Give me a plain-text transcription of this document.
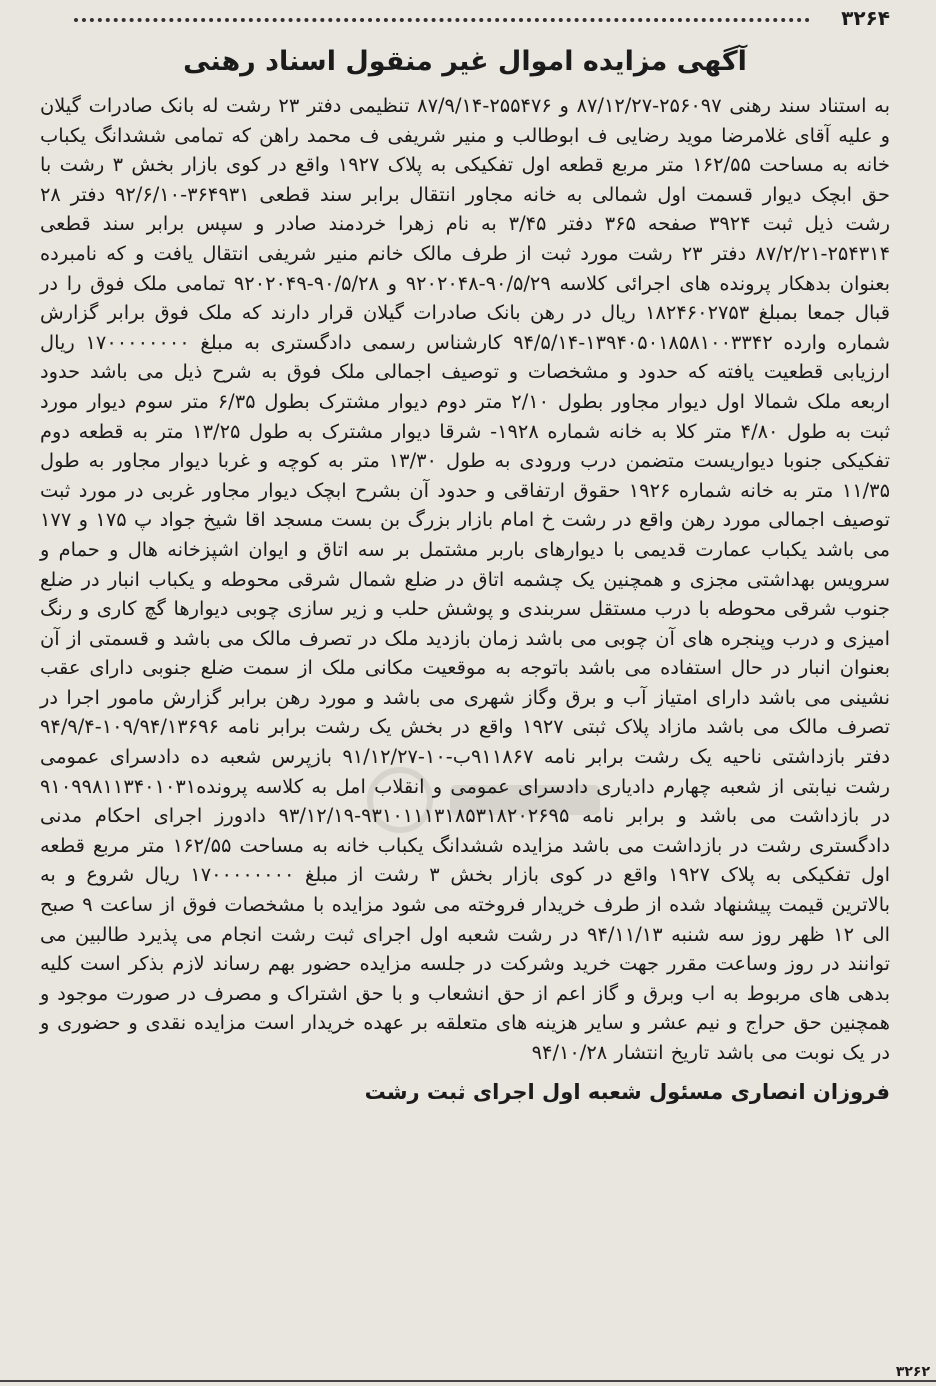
۳۲۶۴
آگهی مزایده اموال غیر منقول اسناد رهنی

به استناد سند رهنی ۲۵۶۰۹۷-۸۷/۱۲/۲۷ و ۲۵۵۴۷۶-۸۷/۹/۱۴ تنظیمی دفتر ۲۳ رشت له بانک صادرات گیلان و علیه آقای غلامرضا موید رضایی ف ابوطالب و منیر شریفی ف محمد راهن که تمامی ششدانگ یکباب خانه به مساحت ۱۶۲/۵۵ متر مربع قطعه اول تفکیکی به پلاک ۱۹۲۷ واقع در کوی بازار بخش ۳ رشت با حق ابچک دیوار قسمت اول شمالی به خانه مجاور انتقال برابر سند قطعی ۳۶۴۹۳۱-۹۲/۶/۱۰ دفتر ۲۸ رشت ذیل ثبت ۳۹۲۴ صفحه ۳۶۵ دفتر ۳/۴۵ به نام زهرا خردمند صادر و سپس برابر سند قطعی ۲۵۴۳۱۴-۸۷/۲/۲۱ دفتر ۲۳ رشت مورد ثبت از طرف مالک خانم منیر شریفی انتقال یافت و که نامبرده بعنوان بدهکار پرونده های اجرائی کلاسه ۹۰/۵/۲۹-۹۲۰۲۰۴۸ و ۹۰/۵/۲۸-۹۲۰۲۰۴۹ تمامی ملک فوق را در قبال جمعا بمبلغ ۱۸۲۴۶۰۲۷۵۳ ریال در رهن بانک صادرات گیلان قرار دارند که ملک فوق برابر گزارش شماره وارده ۱۳۹۴۰۵۰۱۸۵۸۱۰۰۳۳۴۲-۹۴/۵/۱۴ کارشناس رسمی دادگستری به مبلغ ۱۷۰۰۰۰۰۰۰۰ ریال ارزیابی قطعیت یافته که حدود و مشخصات و توصیف اجمالی ملک فوق به شرح ذیل می باشد حدود اربعه ملک شمالا اول دیوار مجاور بطول ۲/۱۰ متر دوم دیوار مشترک بطول ۶/۳۵ متر سوم دیوار مورد ثبت به طول ۴/۸۰ متر کلا به خانه شماره ۱۹۲۸- شرقا دیوار مشترک به طول ۱۳/۲۵ متر به قطعه دوم تفکیکی جنوبا دیواریست متضمن درب ورودی به طول ۱۳/۳۰ متر به کوچه و غربا دیوار مجاور به طول ۱۱/۳۵ متر به خانه شماره ۱۹۲۶ حقوق ارتفاقی و حدود آن بشرح ابچک دیوار مجاور غربی در مورد ثبت توصیف اجمالی مورد رهن واقع در رشت خ امام بازار بزرگ بن بست مسجد اقا شیخ جواد پ ۱۷۵ و ۱۷۷ می باشد یکباب عمارت قدیمی با دیوارهای باربر مشتمل بر سه اتاق و ایوان اشپزخانه هال و حمام و سرویس بهداشتی مجزی و همچنین یک چشمه اتاق در ضلع شمال شرقی محوطه و یکباب انبار در ضلع جنوب شرقی محوطه با درب مستقل سربندی و پوشش حلب و زیر سازی چوبی دیوارها گچ کاری و رنگ امیزی و درب وپنجره های آن چوبی می باشد زمان بازدید ملک در تصرف مالک می باشد و قسمتی از آن بعنوان انبار در حال استفاده می باشد باتوجه به موقعیت مکانی ملک از سمت ضلع جنوبی دارای عقب نشینی می باشد دارای امتیاز آب و برق وگاز شهری می باشد و مورد رهن برابر گزارش مامور اجرا در تصرف مالک می باشد مازاد پلاک ثبتی ۱۹۲۷ واقع در بخش یک رشت برابر نامه ۱۰۹/۹۴/۱۳۶۹۶-۹۴/۹/۴ دفتر بازداشتی ناحیه یک رشت برابر نامه ۹۱۱۸۶۷ب-۱۰-۹۱/۱۲/۲۷ بازپرس شعبه ده دادسرای عمومی رشت نیابتی از شعبه چهارم دادیاری دادسرای عمومی و انقلاب امل به کلاسه پرونده۹۱۰۹۹۸۱۱۳۴۰۱۰۳۱ در بازداشت می باشد و برابر نامه ۹۳۱۰۱۱۱۳۱۸۵۳۱۸۲۰۲۶۹۵-۹۳/۱۲/۱۹ دادورز اجرای احکام مدنی دادگستری رشت در بازداشت می باشد مزایده ششدانگ یکباب خانه به مساحت ۱۶۲/۵۵ متر مربع قطعه اول تفکیکی به پلاک ۱۹۲۷ واقع در کوی بازار بخش ۳ رشت از مبلغ ۱۷۰۰۰۰۰۰۰۰ ریال شروع و به بالاترین قیمت پیشنهاد شده از طرف خریدار فروخته می شود مزایده با مشخصات فوق از ساعت ۹ صبح الی ۱۲ ظهر روز سه شنبه ۹۴/۱۱/۱۳ در رشت شعبه اول اجرای ثبت رشت انجام می پذیرد طالبین می توانند در روز وساعت مقرر جهت خرید وشرکت در جلسه مزایده حضور بهم رساند لازم بذکر است کلیه بدهی های مربوط به اب وبرق و گاز اعم از حق انشعاب و با حق اشتراک و مصرف در صورت موجود و همچنین حق حراج و نیم عشر و سایر هزینه های متعلقه بر عهده خریدار است مزایده نقدی و حضوری و در یک نوبت می باشد تاریخ انتشار ۹۴/۱۰/۲۸

فروزان انصاری مسئول شعبه اول اجرای ثبت رشت
۳۲۶۲
